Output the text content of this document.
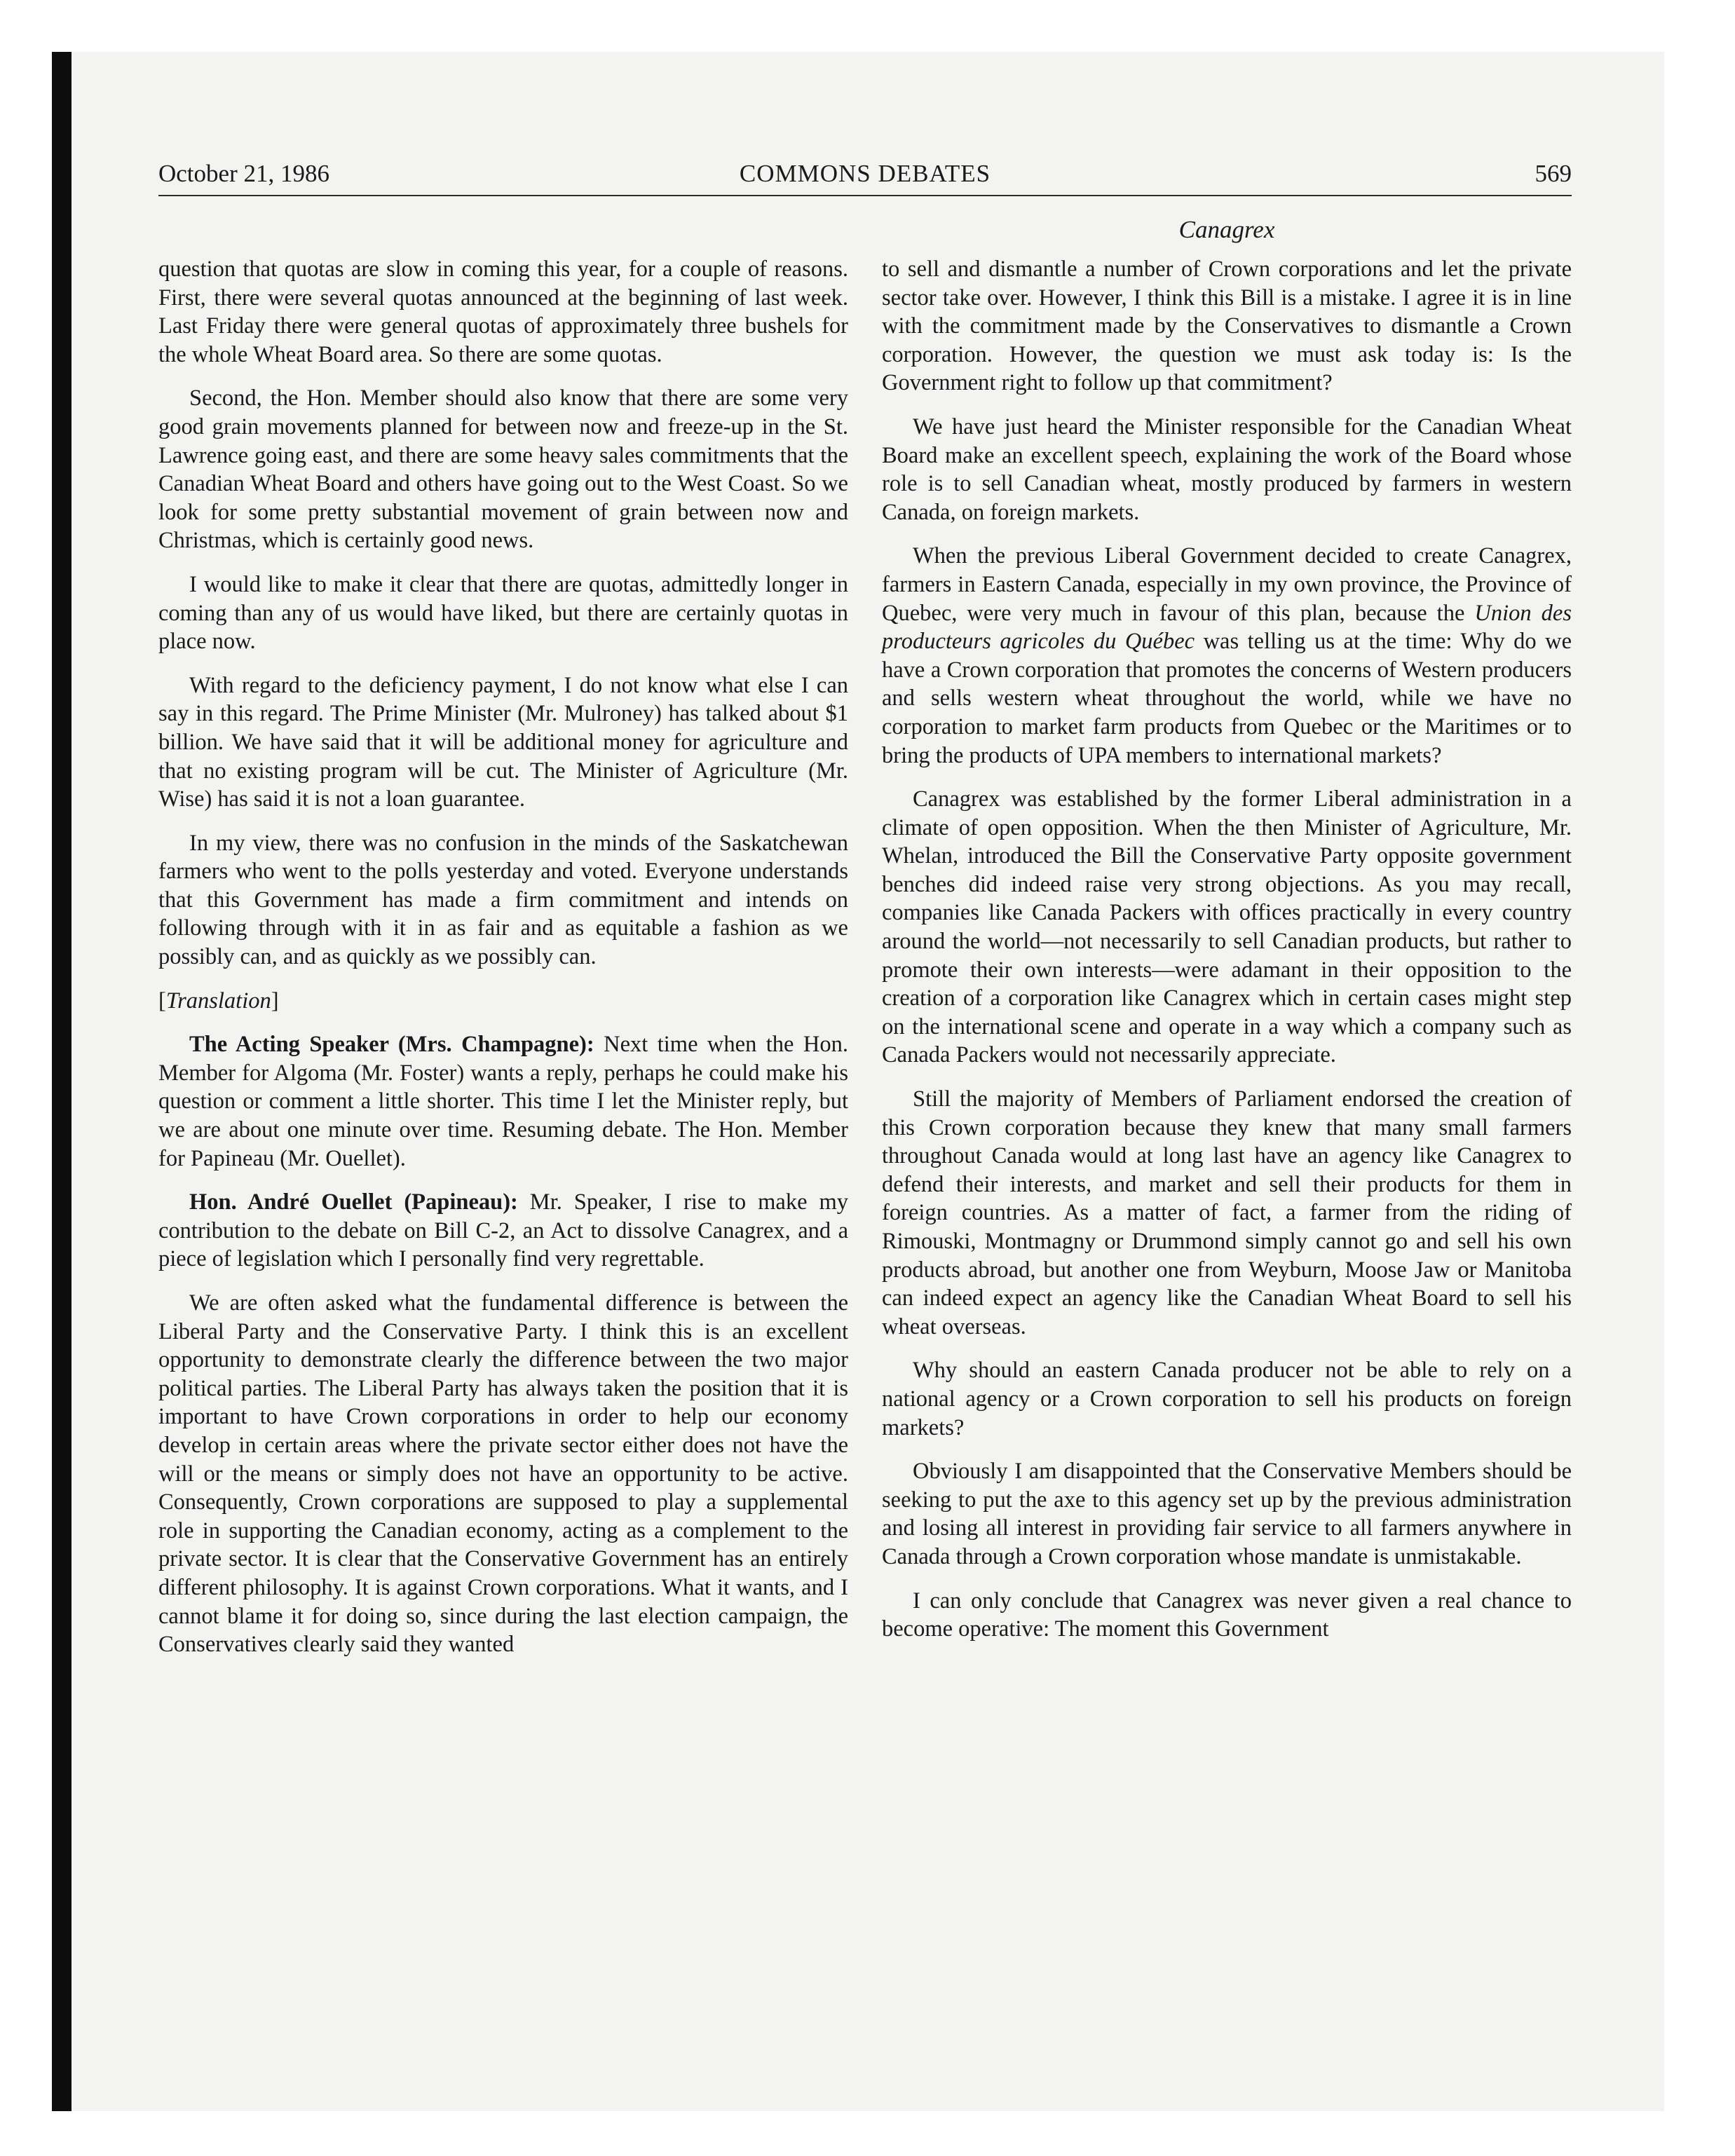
October 21, 1986	COMMONS DEBATES	569
Canagrex

question that quotas are slow in coming this year, for a couple of reasons. First, there were several quotas announced at the beginning of last week. Last Friday there were general quotas of approximately three bushels for the whole Wheat Board area. So there are some quotas.

Second, the Hon. Member should also know that there are some very good grain movements planned for between now and freeze-up in the St. Lawrence going east, and there are some heavy sales commitments that the Canadian Wheat Board and others have going out to the West Coast. So we look for some pretty substantial movement of grain between now and Christmas, which is certainly good news.

I would like to make it clear that there are quotas, admittedly longer in coming than any of us would have liked, but there are certainly quotas in place now.

With regard to the deficiency payment, I do not know what else I can say in this regard. The Prime Minister (Mr. Mulroney) has talked about $1 billion. We have said that it will be additional money for agriculture and that no existing program will be cut. The Minister of Agriculture (Mr. Wise) has said it is not a loan guarantee.

In my view, there was no confusion in the minds of the Saskatchewan farmers who went to the polls yesterday and voted. Everyone understands that this Government has made a firm commitment and intends on following through with it in as fair and as equitable a fashion as we possibly can, and as quickly as we possibly can.

[Translation]

The Acting Speaker (Mrs. Champagne): Next time when the Hon. Member for Algoma (Mr. Foster) wants a reply, perhaps he could make his question or comment a little shorter. This time I let the Minister reply, but we are about one minute over time. Resuming debate. The Hon. Member for Papineau (Mr. Ouellet).

Hon. André Ouellet (Papineau): Mr. Speaker, I rise to make my contribution to the debate on Bill C-2, an Act to dissolve Canagrex, and a piece of legislation which I personally find very regrettable.

We are often asked what the fundamental difference is between the Liberal Party and the Conservative Party. I think this is an excellent opportunity to demonstrate clearly the difference between the two major political parties. The Liberal Party has always taken the position that it is important to have Crown corporations in order to help our economy develop in certain areas where the private sector either does not have the will or the means or simply does not have an opportunity to be active. Consequently, Crown corporations are supposed to play a supplemental role in supporting the Canadian economy, acting as a complement to the private sector. It is clear that the Conservative Government has an entirely different philosophy. It is against Crown corporations. What it wants, and I cannot blame it for doing so, since during the last election campaign, the Conservatives clearly said they wanted

to sell and dismantle a number of Crown corporations and let the private sector take over. However, I think this Bill is a mistake. I agree it is in line with the commitment made by the Conservatives to dismantle a Crown corporation. However, the question we must ask today is: Is the Government right to follow up that commitment?

We have just heard the Minister responsible for the Canadian Wheat Board make an excellent speech, explaining the work of the Board whose role is to sell Canadian wheat, mostly produced by farmers in western Canada, on foreign markets.

When the previous Liberal Government decided to create Canagrex, farmers in Eastern Canada, especially in my own province, the Province of Quebec, were very much in favour of this plan, because the Union des producteurs agricoles du Québec was telling us at the time: Why do we have a Crown corporation that promotes the concerns of Western producers and sells western wheat throughout the world, while we have no corporation to market farm products from Quebec or the Maritimes or to bring the products of UPA members to international markets?

Canagrex was established by the former Liberal administration in a climate of open opposition. When the then Minister of Agriculture, Mr. Whelan, introduced the Bill the Conservative Party opposite government benches did indeed raise very strong objections. As you may recall, companies like Canada Packers with offices practically in every country around the world—not necessarily to sell Canadian products, but rather to promote their own interests—were adamant in their opposition to the creation of a corporation like Canagrex which in certain cases might step on the international scene and operate in a way which a company such as Canada Packers would not necessarily appreciate.

Still the majority of Members of Parliament endorsed the creation of this Crown corporation because they knew that many small farmers throughout Canada would at long last have an agency like Canagrex to defend their interests, and market and sell their products for them in foreign countries. As a matter of fact, a farmer from the riding of Rimouski, Montmagny or Drummond simply cannot go and sell his own products abroad, but another one from Weyburn, Moose Jaw or Manitoba can indeed expect an agency like the Canadian Wheat Board to sell his wheat overseas.

Why should an eastern Canada producer not be able to rely on a national agency or a Crown corporation to sell his products on foreign markets?

Obviously I am disappointed that the Conservative Members should be seeking to put the axe to this agency set up by the previous administration and losing all interest in providing fair service to all farmers anywhere in Canada through a Crown corporation whose mandate is unmistakable.

I can only conclude that Canagrex was never given a real chance to become operative: The moment this Government
